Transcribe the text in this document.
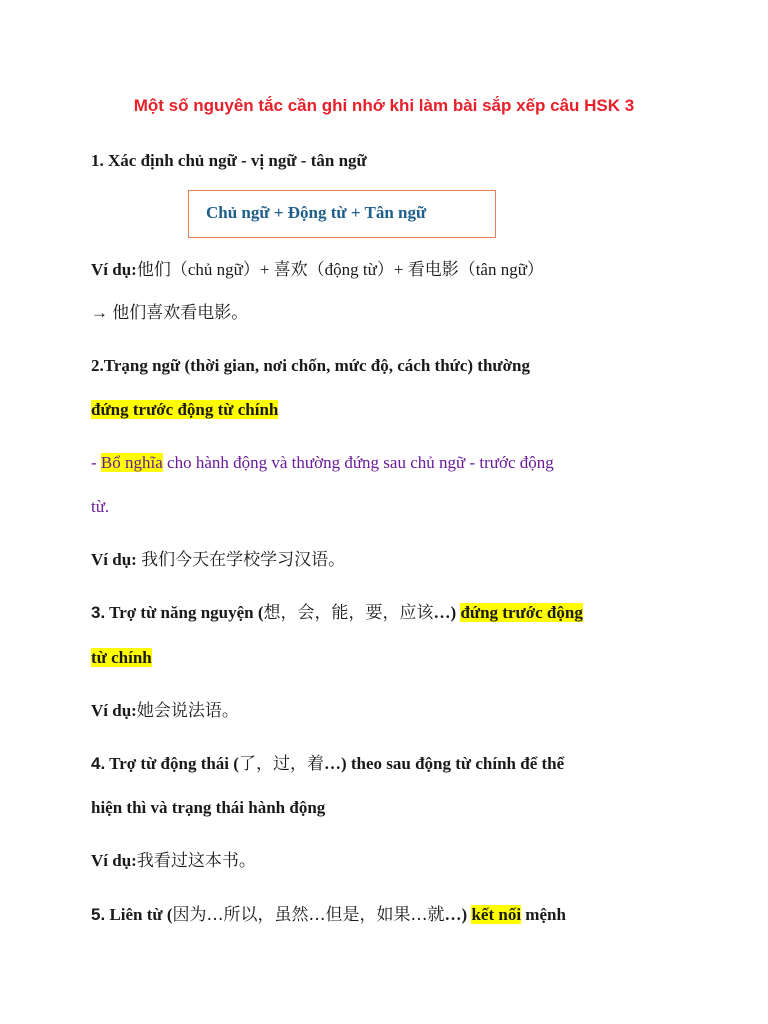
Một số nguyên tắc cần ghi nhớ khi làm bài sắp xếp câu HSK 3
1. Xác định chủ ngữ - vị ngữ - tân ngữ
Chủ ngữ + Động từ + Tân ngữ
Ví dụ:他们（chủ ngữ）+ 喜欢（động từ）+ 看电影（tân ngữ）
→ 他们喜欢看电影。
2.Trạng ngữ (thời gian, nơi chốn, mức độ, cách thức) thường
đứng trước động từ chính
- Bổ nghĩa cho hành động và thường đứng sau chủ ngữ - trước động
từ.
Ví dụ: 我们今天在学校学习汉语。
3. Trợ từ năng nguyện (想，会，能，要，应该…) đứng trước động
từ chính
Ví dụ:她会说法语。
4. Trợ từ động thái (了，过，着…) theo sau động từ chính để thể
hiện thì và trạng thái hành động
Ví dụ:我看过这本书。
5. Liên từ (因为…所以，虽然…但是，如果…就…) kết nối mệnh
